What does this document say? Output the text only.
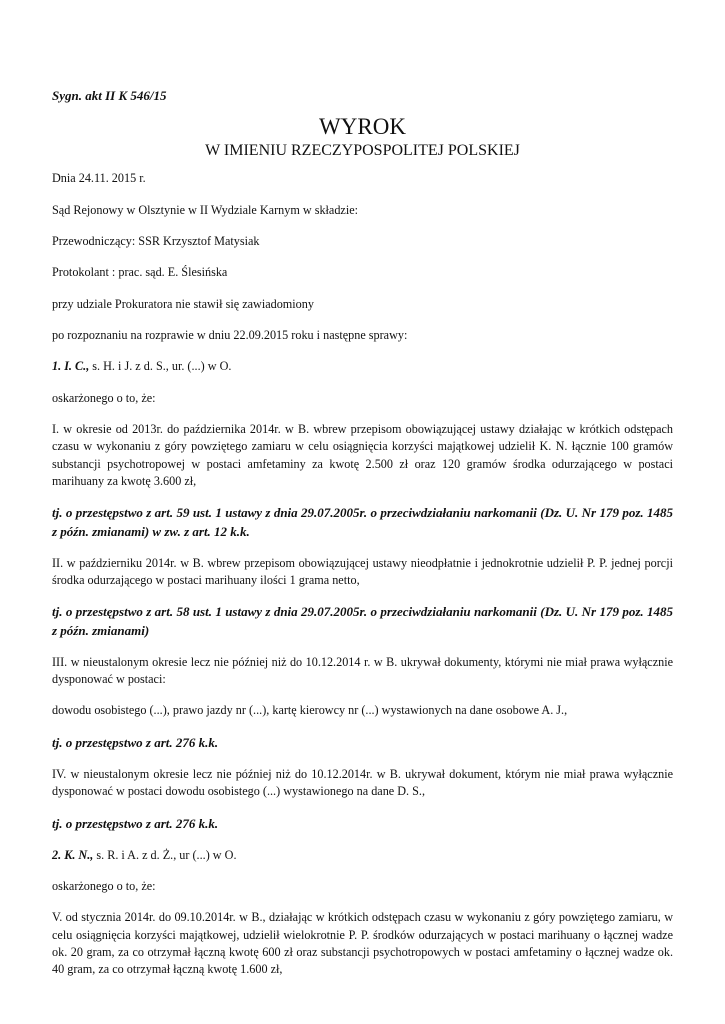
Sygn. akt II K 546/15
WYROK
W IMIENIU RZECZYPOSPOLITEJ POLSKIEJ

Dnia 24.11. 2015 r.

Sąd Rejonowy w Olsztynie w II Wydziale Karnym w składzie:

Przewodniczący: SSR Krzysztof Matysiak

Protokolant : prac. sąd. E. Ślesińska

przy udziale Prokuratora nie stawił się zawiadomiony

po rozpoznaniu na rozprawie w dniu 22.09.2015 roku i następne sprawy:

1. I. C., s. H. i J. z d. S., ur. (...) w O.

oskarżonego o to, że:

I. w okresie od 2013r. do października 2014r. w B. wbrew przepisom obowiązującej ustawy działając w krótkich odstępach czasu w wykonaniu z góry powziętego zamiaru w celu osiągnięcia korzyści majątkowej udzielił K. N. łącznie 100 gramów substancji psychotropowej w postaci amfetaminy za kwotę 2.500 zł oraz 120 gramów środka odurzającego w postaci marihuany za kwotę 3.600 zł,

tj. o przestępstwo z art. 59 ust. 1 ustawy z dnia 29.07.2005r. o przeciwdziałaniu narkomanii (Dz. U. Nr 179 poz. 1485 z późn. zmianami) w zw. z art. 12 k.k.

II. w październiku 2014r. w B. wbrew przepisom obowiązującej ustawy nieodpłatnie i jednokrotnie udzielił P. P. jednej porcji środka odurzającego w postaci marihuany ilości 1 grama netto,

tj. o przestępstwo z art. 58 ust. 1 ustawy z dnia 29.07.2005r. o przeciwdziałaniu narkomanii (Dz. U. Nr 179 poz. 1485 z późn. zmianami)

III. w nieustalonym okresie lecz nie później niż do 10.12.2014 r. w B. ukrywał dokumenty, którymi nie miał prawa wyłącznie dysponować w postaci:

dowodu osobistego (...), prawo jazdy nr (...), kartę kierowcy nr (...) wystawionych na dane osobowe A. J.,

tj. o przestępstwo z art. 276 k.k.

IV. w nieustalonym okresie lecz nie później niż do 10.12.2014r. w B. ukrywał dokument, którym nie miał prawa wyłącznie dysponować w postaci dowodu osobistego (...) wystawionego na dane D. S.,

tj. o przestępstwo z art. 276 k.k.

2. K. N., s. R. i A. z d. Ż., ur (...) w O.

oskarżonego o to, że:

V. od stycznia 2014r. do 09.10.2014r. w B., działając w krótkich odstępach czasu w wykonaniu z góry powziętego zamiaru, w celu osiągnięcia korzyści majątkowej, udzielił wielokrotnie P. P. środków odurzających w postaci marihuany o łącznej wadze ok. 20 gram, za co otrzymał łączną kwotę 600 zł oraz substancji psychotropowych w postaci amfetaminy o łącznej wadze ok. 40 gram, za co otrzymał łączną kwotę 1.600 zł,
